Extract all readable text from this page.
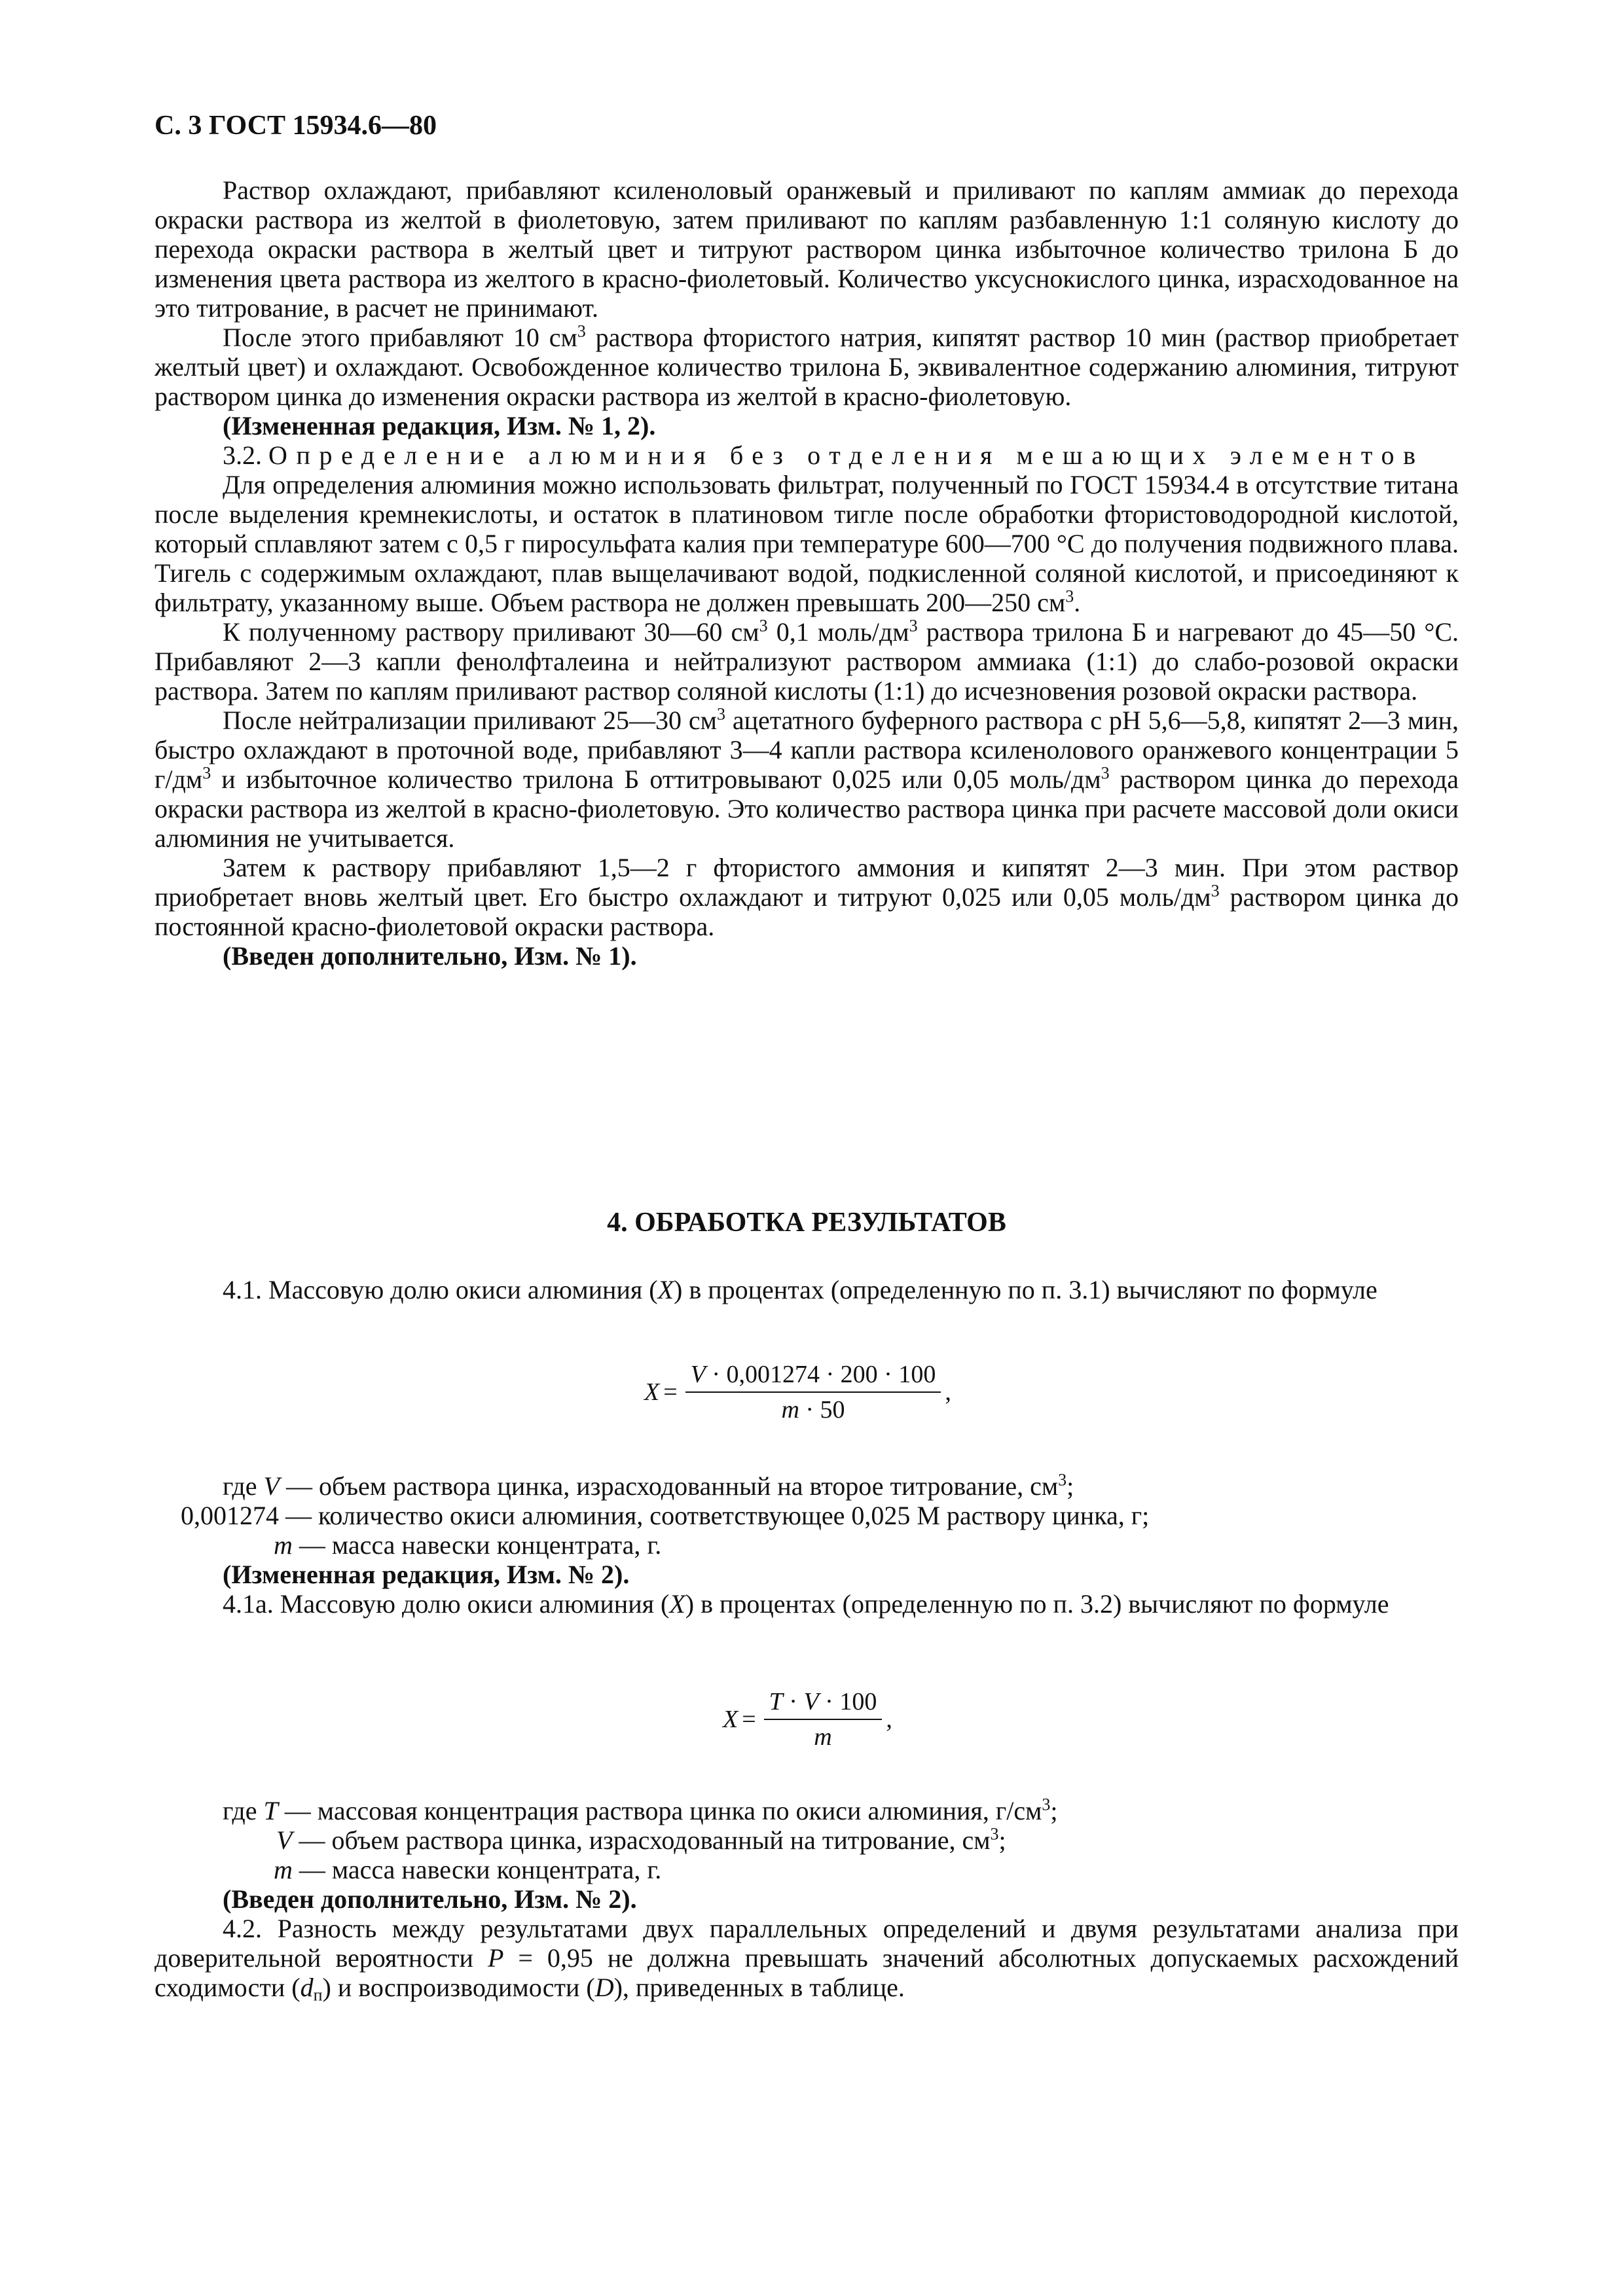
С. 3 ГОСТ 15934.6—80

Раствор охлаждают, прибавляют ксиленоловый оранжевый и приливают по каплям аммиак до перехода окраски раствора из желтой в фиолетовую, затем приливают по каплям разбавленную 1:1 соляную кислоту до перехода окраски раствора в желтый цвет и титруют раствором цинка избыточное количество трилона Б до изменения цвета раствора из желтого в красно-фиолетовый. Количество уксуснокислого цинка, израсходованное на это титрование, в расчет не принимают.

После этого прибавляют 10 $см^3$ раствора фтористого натрия, кипятят раствор 10 мин (раствор приобретает желтый цвет) и охлаждают. Освобожденное количество трилона Б, эквивалентное содержанию алюминия, титруют раствором цинка до изменения окраски раствора из желтой в красно-фиолетовую.

(Измененная редакция, Изм. № 1, 2).

3.2. Определение алюминия без отделения мешающих элементов

Для определения алюминия можно использовать фильтрат, полученный по ГОСТ 15934.4 в отсутствие титана после выделения кремнекислоты, и остаток в платиновом тигле после обработки фтористоводородной кислотой, который сплавляют затем с 0,5 г пиросульфата калия при температуре 600—700 °С до получения подвижного плава. Тигель с содержимым охлаждают, плав выщелачивают водой, подкисленной соляной кислотой, и присоединяют к фильтрату, указанному выше. Объем раствора не должен превышать 200—250 $см^3$.

К полученному раствору приливают 30—60 $см^3$ 0,1 моль/$дм^3$ раствора трилона Б и нагревают до 45—50 °С. Прибавляют 2—3 капли фенолфталеина и нейтрализуют раствором аммиака (1:1) до слабо-розовой окраски раствора. Затем по каплям приливают раствор соляной кислоты (1:1) до исчезновения розовой окраски раствора.

После нейтрализации приливают 25—30 $см^3$ ацетатного буферного раствора с pH 5,6—5,8, кипятят 2—3 мин, быстро охлаждают в проточной воде, прибавляют 3—4 капли раствора ксиленолового оранжевого концентрации 5 $г/дм^3$ и избыточное количество трилона Б оттитровывают 0,025 или 0,05 моль/$дм^3$ раствором цинка до перехода окраски раствора из желтой в красно-фиолетовую. Это количество раствора цинка при расчете массовой доли окиси алюминия не учитывается.

Затем к раствору прибавляют 1,5—2 г фтористого аммония и кипятят 2—3 мин. При этом раствор приобретает вновь желтый цвет. Его быстро охлаждают и титруют 0,025 или 0,05 моль/$дм^3$ раствором цинка до постоянной красно-фиолетовой окраски раствора.

(Введен дополнительно, Изм. № 1).

4. ОБРАБОТКА РЕЗУЛЬТАТОВ

4.1. Массовую долю окиси алюминия (X) в процентах (определенную по п. 3.1) вычисляют по формуле

$X = \frac{V \cdot 0,001274 \cdot 200 \cdot 100}{m \cdot 50}$ ,

где V — объем раствора цинка, израсходованный на второе титрование, $см^3$;

0,001274 — количество окиси алюминия, соответствующее 0,025 М раствору цинка, г;

m — масса навески концентрата, г.

(Измененная редакция, Изм. № 2).

4.1а. Массовую долю окиси алюминия (X) в процентах (определенную по п. 3.2) вычисляют по формуле

$X = \frac{T \cdot V \cdot 100}{m}$ ,

где T — массовая концентрация раствора цинка по окиси алюминия, $г/см^3$;

V — объем раствора цинка, израсходованный на титрование, $см^3$;

m — масса навески концентрата, г.

(Введен дополнительно, Изм. № 2).

4.2. Разность между результатами двух параллельных определений и двумя результатами анализа при доверительной вероятности P = 0,95 не должна превышать значений абсолютных допускаемых расхождений сходимости $(d_п)$ и воспроизводимости (D), приведенных в таблице.
